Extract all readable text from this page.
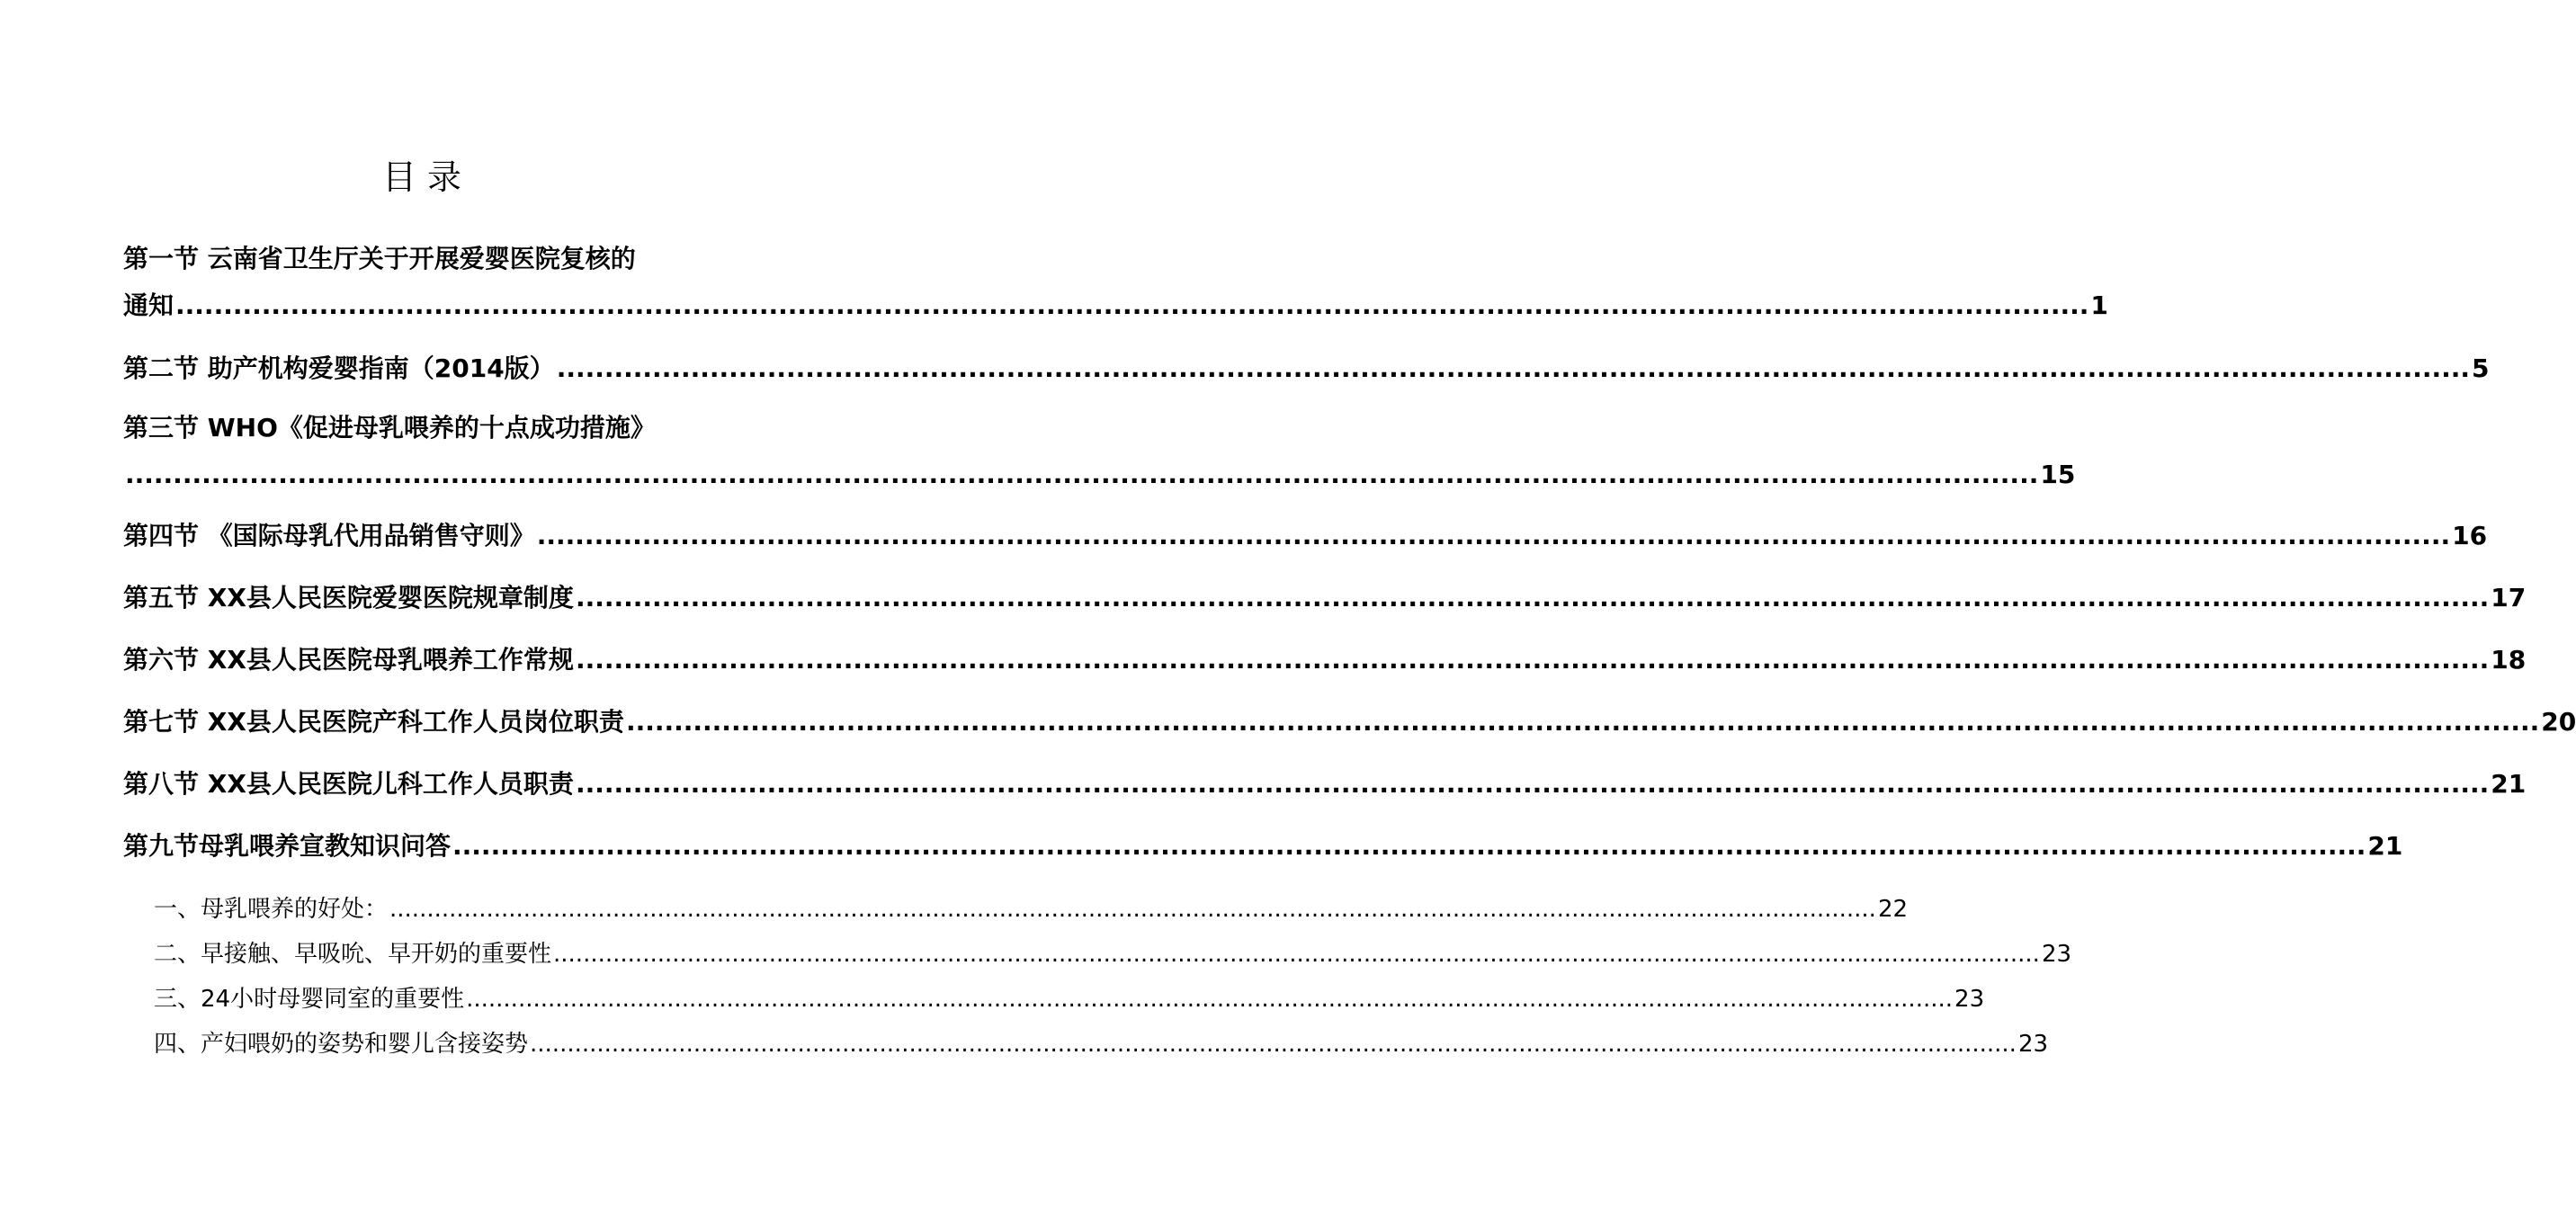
目录
第一节 云南省卫生厅关于开展爱婴医院复核的
通知 ........................................................................................................................................................................................................ 1
第二节 助产机构爱婴指南（2014版） ........................................................................................................................................................................................................ 5
第三节 WHO《促进母乳喂养的十点成功措施》
........................................................................................................................................................................................................ 15
第四节 《国际母乳代用品销售守则》 ........................................................................................................................................................................................................ 16
第五节 XX县人民医院爱婴医院规章制度 ........................................................................................................................................................................................................ 17
第六节 XX县人民医院母乳喂养工作常规 ........................................................................................................................................................................................................ 18
第七节 XX县人民医院产科工作人员岗位职责 ........................................................................................................................................................................................................ 20
第八节 XX县人民医院儿科工作人员职责 ........................................................................................................................................................................................................ 21
第九节母乳喂养宣教知识问答 ........................................................................................................................................................................................................ 21
一、母乳喂养的好处： ........................................................................................................................................................................................................ 22
二、早接触、早吸吮、早开奶的重要性 ........................................................................................................................................................................................................ 23
三、24小时母婴同室的重要性 ........................................................................................................................................................................................................ 23
四、产妇喂奶的姿势和婴儿含接姿势 ........................................................................................................................................................................................................ 23
